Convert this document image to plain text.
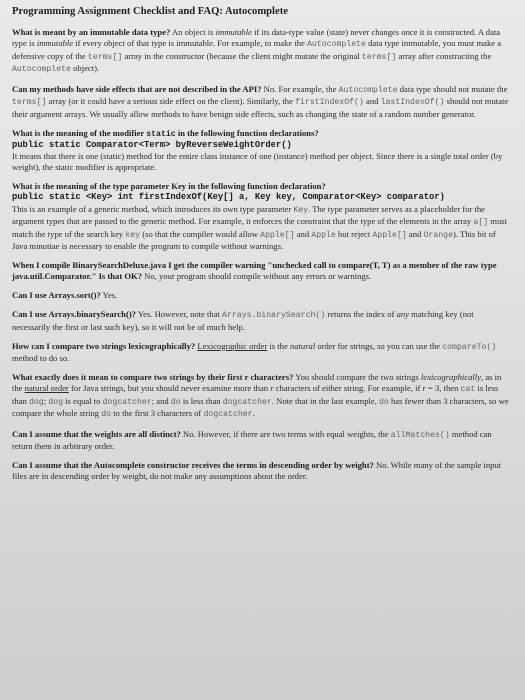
Programming Assignment Checklist and FAQ: Autocomplete

What is meant by an immutable data type? An object is immutable if its data-type value (state) never changes once it is constructed. A data type is immutable if every object of that type is immutable. For example, to make the Autocomplete data type immutable, you must make a defensive copy of the terms[] array in the constructor (because the client might mutate the original terms[] array after constructing the Autocomplete object).

Can my methods have side effects that are not described in the API? No. For example, the Autocomplete data type should not mutate the terms[] array (or it could have a serious side effect on the client). Similarly, the firstIndexOf() and lastIndexOf() should not mutate their argument arrays. We usually allow methods to have benign side effects, such as changing the state of a random number generator.

What is the meaning of the modifier static in the following function declarations?
public static Comparator<Term> byReverseWeightOrder()
It means that there is one (static) method for the entire class instance of one (instance) method per object. Since there is a single total order (by weight), the static modifier is appropriate.

What is the meaning of the type parameter Key in the following function declaration?
public static <Key> int firstIndexOf(Key[] a, Key key, Comparator<Key> comparator)
This is an example of a generic method, which introduces its own type parameter Key. The type parameter serves as a placeholder for the argument types that are passed to the generic method. For example, it enforces the constraint that the type of the elements in the array a[] must match the type of the search key key (so that the compiler would allow Apple[] and Apple but reject Apple[] and Orange). This bit of Java minutiae is necessary to enable the program to compile without warnings.

When I compile BinarySearchDeluxe.java I get the compiler warning "unchecked call to compare(T, T) as a member of the raw type java.util.Comparator." Is that OK? No, your program should compile without any errors or warnings.

Can I use Arrays.sort()? Yes.

Can I use Arrays.binarySearch()? Yes. However, note that Arrays.binarySearch() returns the index of any matching key (not necessarily the first or last such key), so it will not be of much help.

How can I compare two strings lexicographically? Lexicographic order is the natural order for strings, so you can use the compareTo() method to do so.

What exactly does it mean to compare two strings by their first r characters? You should compare the two strings lexicographically, as in the natural order for Java strings, but you should never examine more than r characters of either string. For example, if r = 3, then cat is less than dog; dog is equal to dogcatcher; and do is less than dogcatcher. Note that in the last example, do has fewer than 3 characters, so we compare the whole string do to the first 3 characters of dogcatcher.

Can I assume that the weights are all distinct? No. However, if there are two terms with equal weights, the allMatches() method can return them in arbitrary order.

Can I assume that the Autocomplete constructor receives the terms in descending order by weight? No. While many of the sample input files are in descending order by weight, do not make any assumptions about the order.
